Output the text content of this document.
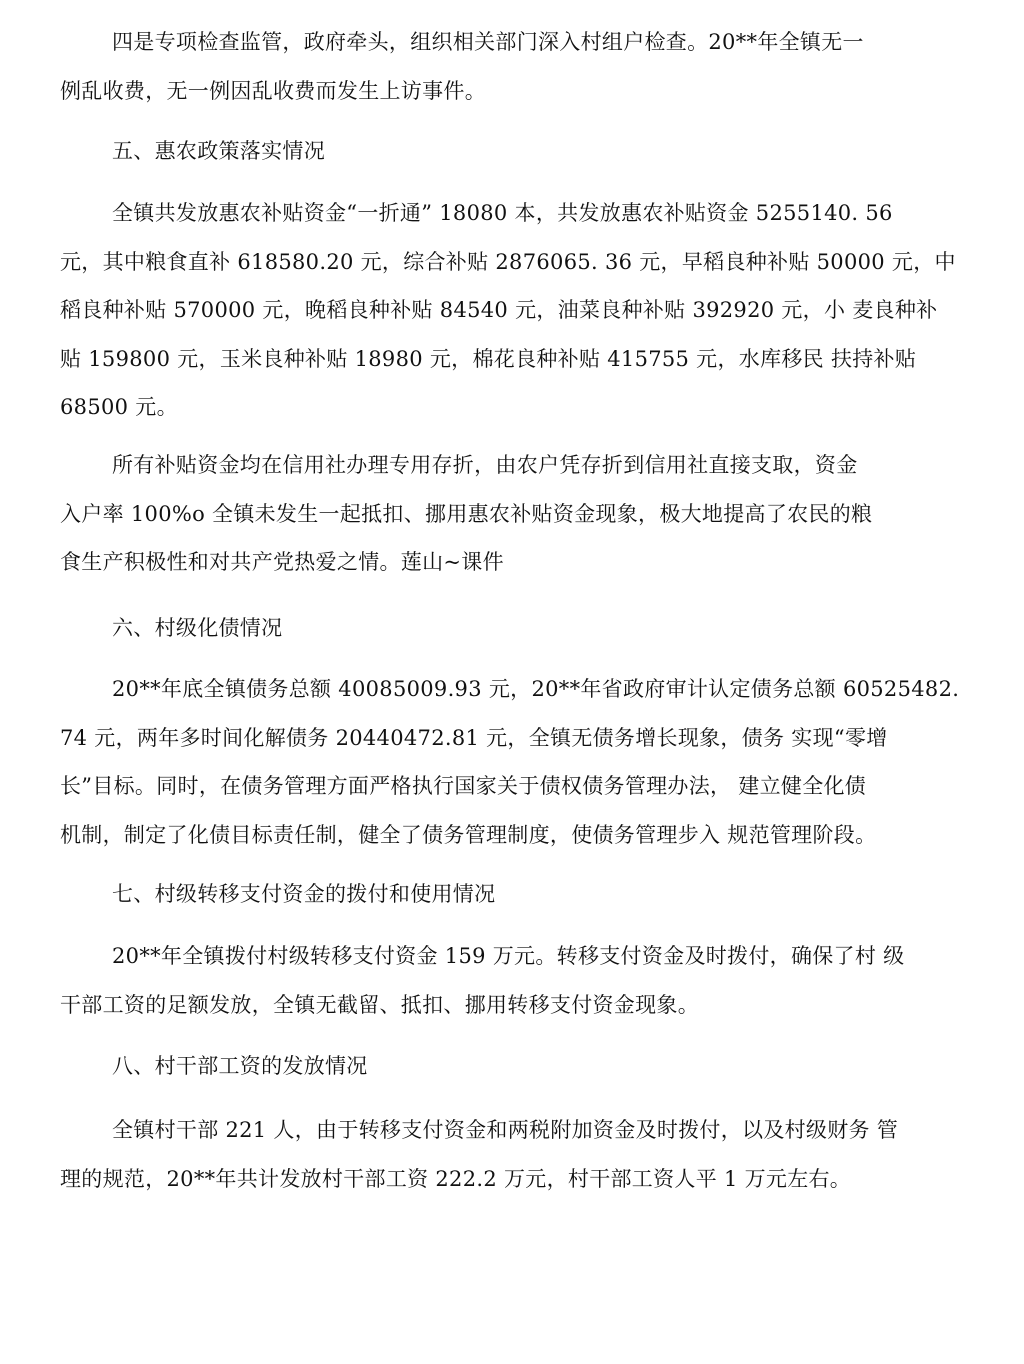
四是专项检查监管，政府牵头，组织相关部门深入村组户检查。20**年全镇无一
例乱收费，无一例因乱收费而发生上访事件。

五、惠农政策落实情况

全镇共发放惠农补贴资金“一折通” 18080 本，共发放惠农补贴资金 5255140. 56
元，其中粮食直补 618580.20 元，综合补贴 2876065. 36 元，早稻良种补贴 50000 元，中
稻良种补贴 570000 元，晚稻良种补贴 84540 元，油菜良种补贴 392920 元，小 麦良种补
贴 159800 元，玉米良种补贴 18980 元，棉花良种补贴 415755 元，水库移民 扶持补贴
68500 元。

所有补贴资金均在信用社办理专用存折，由农户凭存折到信用社直接支取，资金
入户率 100%o 全镇未发生一起抵扣、挪用惠农补贴资金现象，极大地提高了农民的粮
食生产积极性和对共产党热爱之情。莲山~课件

六、村级化债情况

20**年底全镇债务总额 40085009.93 元，20**年省政府审计认定债务总额 60525482.
74 元，两年多时间化解债务 20440472.81 元，全镇无债务增长现象，债务 实现“零增
长”目标。同时，在债务管理方面严格执行国家关于债权债务管理办法， 建立健全化债
机制，制定了化债目标责任制，健全了债务管理制度，使债务管理步入 规范管理阶段。

七、村级转移支付资金的拨付和使用情况

20**年全镇拨付村级转移支付资金 159 万元。转移支付资金及时拨付，确保了村 级
干部工资的足额发放，全镇无截留、抵扣、挪用转移支付资金现象。

八、村干部工资的发放情况

全镇村干部 221 人，由于转移支付资金和两税附加资金及时拨付，以及村级财务 管
理的规范，20**年共计发放村干部工资 222.2 万元，村干部工资人平 1 万元左右。
